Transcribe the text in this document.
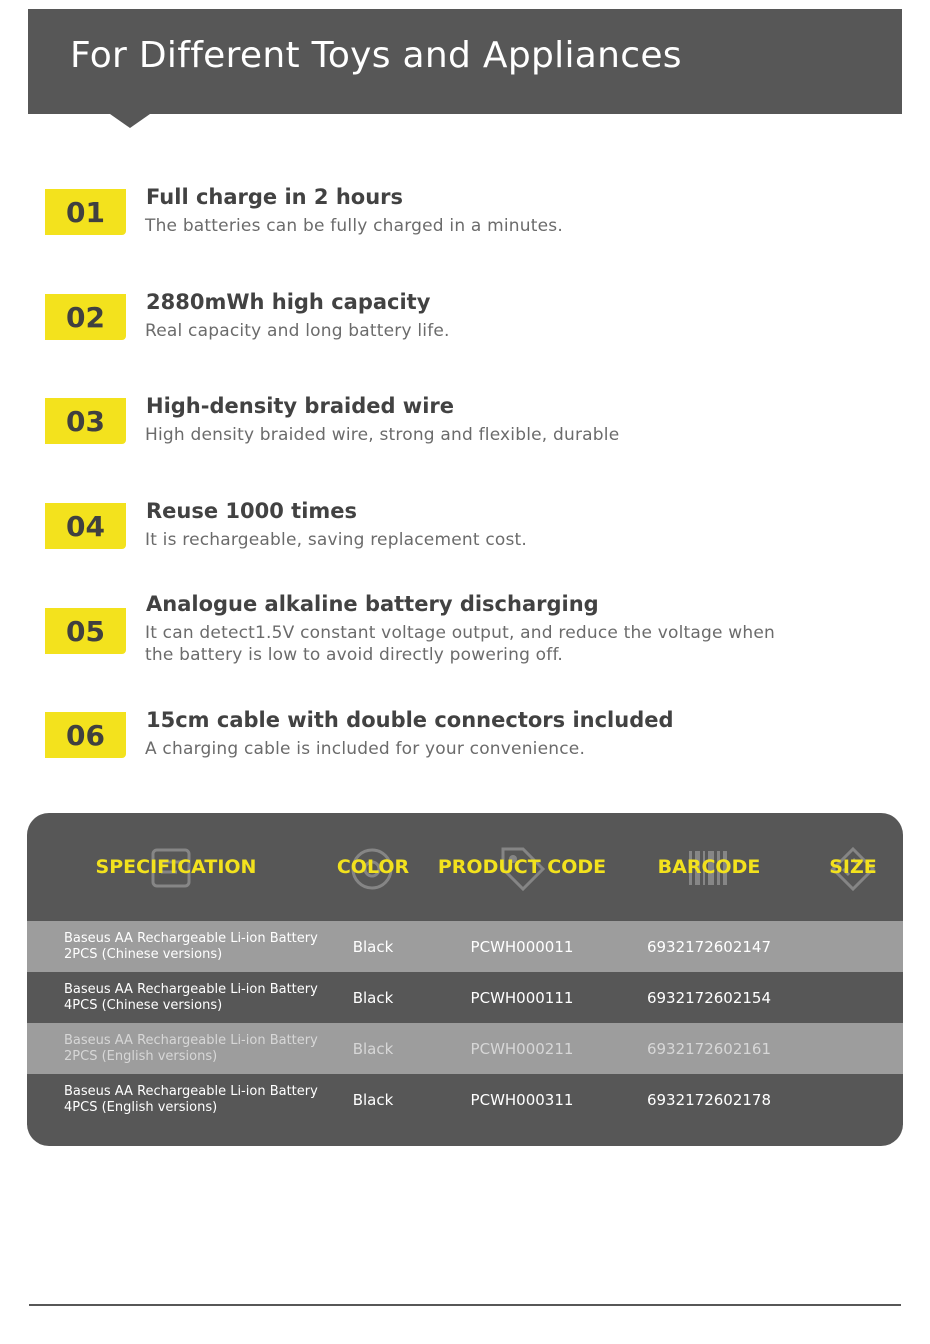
For Different Toys and Appliances
01	Full charge in 2 hours
The batteries can be fully charged in a minutes.
02	2880mWh high capacity
Real capacity and long battery life.
03	High-density braided wire
High density braided wire, strong and flexible, durable
04	Reuse 1000 times
It is rechargeable, saving replacement cost.
05
Analogue alkaline battery discharging
It can detect1.5V constant voltage output, and reduce the voltage when the battery is low to avoid directly powering off.
06	15cm cable with double connectors included
A charging cable is included for your convenience.
SPECIFICATION	COLOR	PRODUCT CODE	BARCODE	SIZE
Baseus AA Rechargeable Li-ion Battery 2PCS (Chinese versions)	Black	PCWH000011	6932172602147
Baseus AA Rechargeable Li-ion Battery 4PCS (Chinese versions)	Black	PCWH000111	6932172602154
Baseus AA Rechargeable Li-ion Battery 2PCS (English versions)	Black	PCWH000211	6932172602161
Baseus AA Rechargeable Li-ion Battery 4PCS (English versions)	Black	PCWH000311	6932172602178
